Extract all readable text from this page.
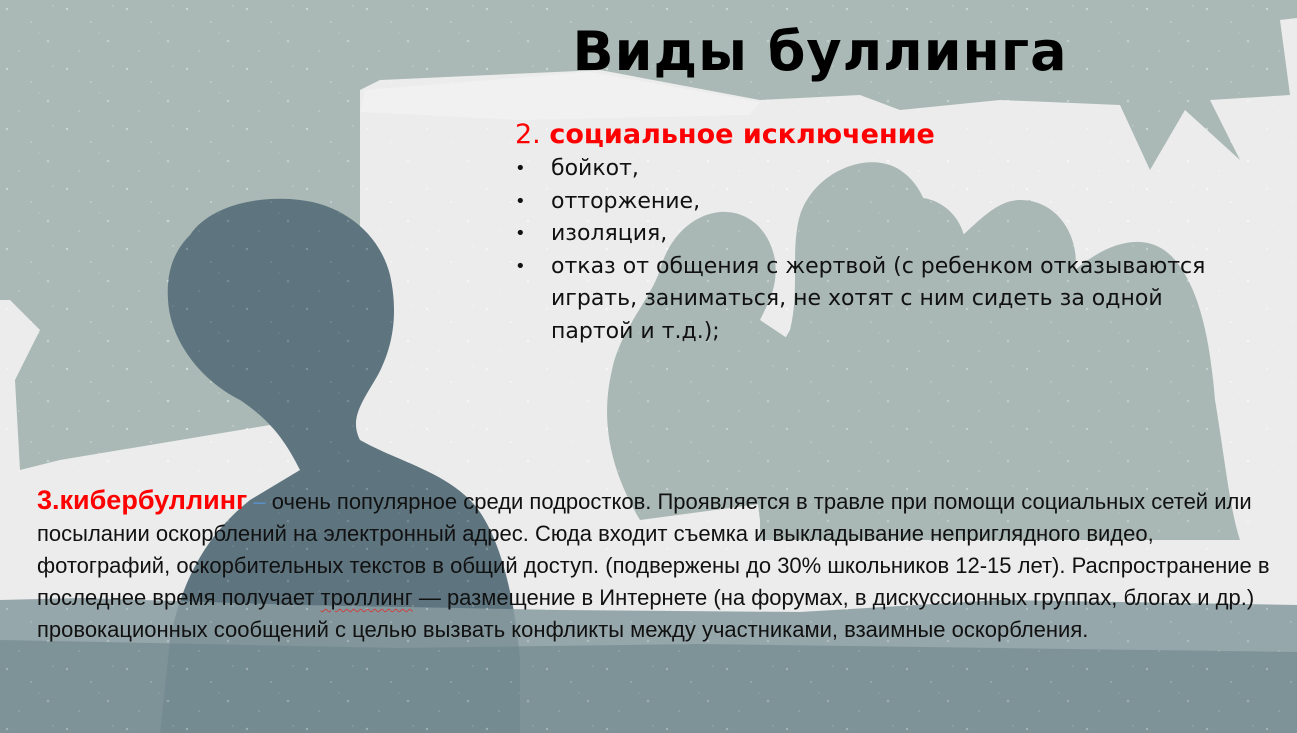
Виды буллинга
2. социальное исключение
• бойкот,
• отторжение,
• изоляция,
• отказ от общения с жертвой (с ребенком отказываются играть, заниматься, не хотят с ним сидеть за одной партой и т.д.);
3.кибербуллинг – очень популярное среди подростков. Проявляется в травле при помощи социальных сетей или посылании оскорблений на электронный адрес. Сюда входит съемка и выкладывание неприглядного видео, фотографий, оскорбительных текстов в общий доступ. (подвержены до 30% школьников 12-15 лет). Распространение в последнее время получает троллинг — размещение в Интернете (на форумах, в дискуссионных группах, блогах и др.) провокационных сообщений с целью вызвать конфликты между участниками, взаимные оскорбления.
